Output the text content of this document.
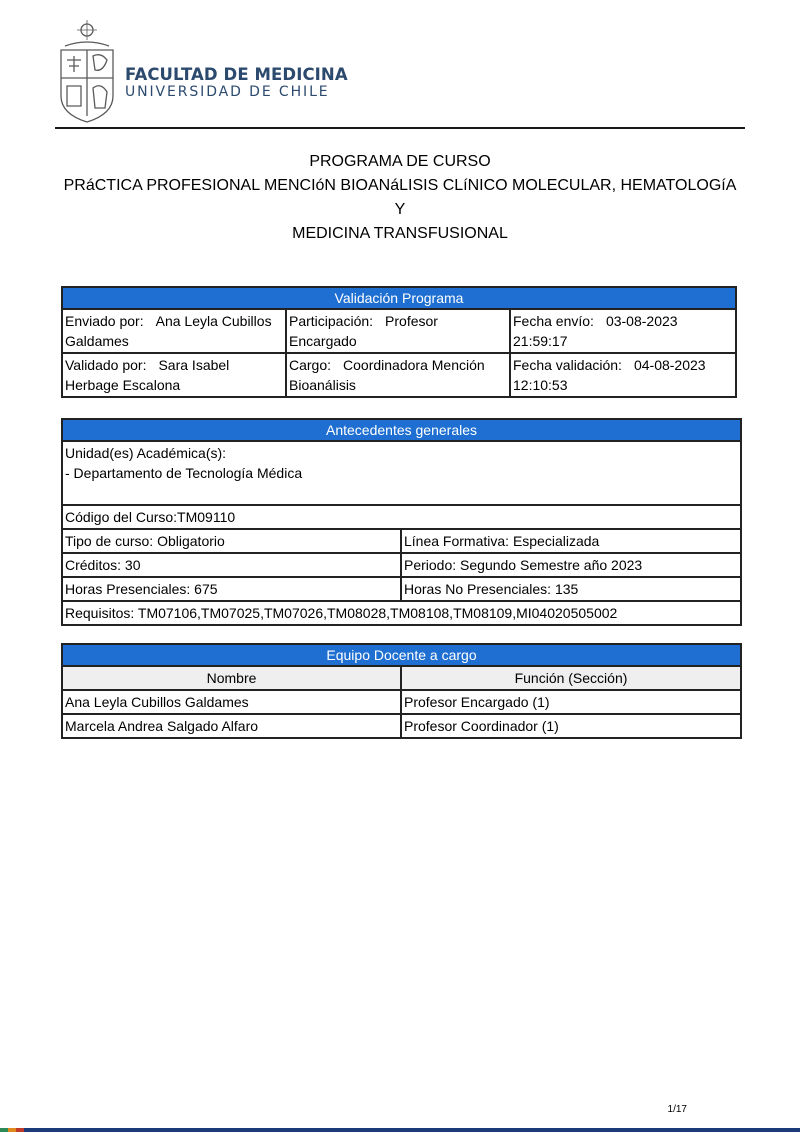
FACULTAD DE MEDICINA
UNIVERSIDAD DE CHILE
PROGRAMA DE CURSO
PRáCTICA PROFESIONAL MENCIóN BIOANáLISIS CLíNICO MOLECULAR, HEMATOLOGíA Y
MEDICINA TRANSFUSIONAL
Validación Programa		
Enviado por: Ana Leyla Cubillos Galdames	Participación: Profesor Encargado	Fecha envío: 03-08-2023 21:59:17
Validado por: Sara Isabel Herbage Escalona	Cargo: Coordinadora Mención Bioanálisis	Fecha validación: 04-08-2023 12:10:53
Antecedentes generales	

Unidad(es) Académica(s):
- Departamento de Tecnología Médica	

Código del Curso:TM09110	
Tipo de curso: Obligatorio	Línea Formativa: Especializada
Créditos: 30	Periodo: Segundo Semestre año 2023
Horas Presenciales: 675	Horas No Presenciales: 135
Requisitos: TM07106,TM07025,TM07026,TM08028,TM08108,TM08109,MI04020505002	
Equipo Docente a cargo	
Nombre	Función (Sección)
Ana Leyla Cubillos Galdames	Profesor Encargado (1)
Marcela Andrea Salgado Alfaro	Profesor Coordinador (1)
1/17
